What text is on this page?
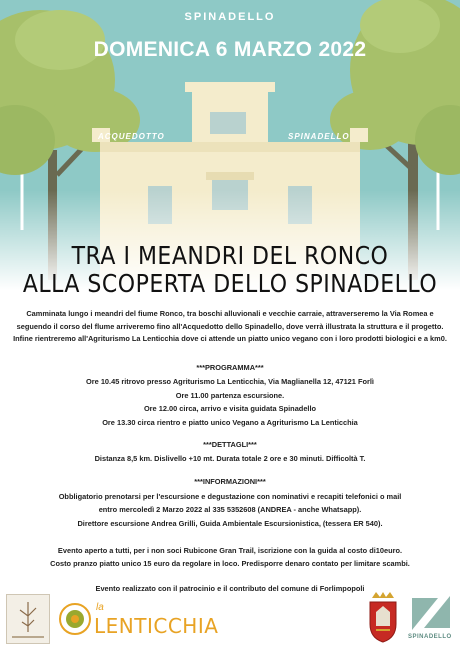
SPINADELLO
DOMENICA 6 MARZO 2022
ACQUEDOTTO	SPINADELLO
TRA I MEANDRI DEL RONCO
ALLA SCOPERTA DELLO SPINADELLO
Camminata lungo i meandri del fiume Ronco, tra boschi alluvionali e vecchie carraie, attraverseremo la Via Romea e
seguendo il corso del flume arriveremo fino all'Acquedotto dello Spinadello, dove verrà illustrata la struttura e il progetto.
Infine rientreremo all'Agriturismo La Lenticchia dove ci attende un piatto unico vegano con i loro prodotti biologici e a km0.
***PROGRAMMA***
Ore 10.45 ritrovo presso Agriturismo La Lenticchia, Via Maglianella 12, 47121 Forlì
Ore 11.00 partenza escursione.
Ore 12.00 circa, arrivo e visita guidata Spinadello
Ore 13.30 circa rientro e piatto unico Vegano a Agriturismo La Lenticchia
***DETTAGLI***
Distanza 8,5 km. Dislivello +10 mt. Durata totale 2 ore e 30 minuti. Difficoltà T.
***INFORMAZIONI***
Obbligatorio prenotarsi per l'escursione e degustazione con nominativi e recapiti telefonici o mail
entro mercoledì 2 Marzo 2022 al 335 5352608 (ANDREA - anche Whatsapp).
Direttore escursione Andrea Grilli, Guida Ambientale Escursionistica, (tessera ER 540).
Evento aperto a tutti, per i non soci Rubicone Gran Trail, iscrizione con la guida al costo di10euro.
Costo pranzo piatto unico 15 euro da regolare in loco. Predisporre denaro contato per limitare scambi.
Evento realizzato con il patrocinio e il contributo del comune di Forlimpopoli
la
LENTICCHIA	SPINADELLO
